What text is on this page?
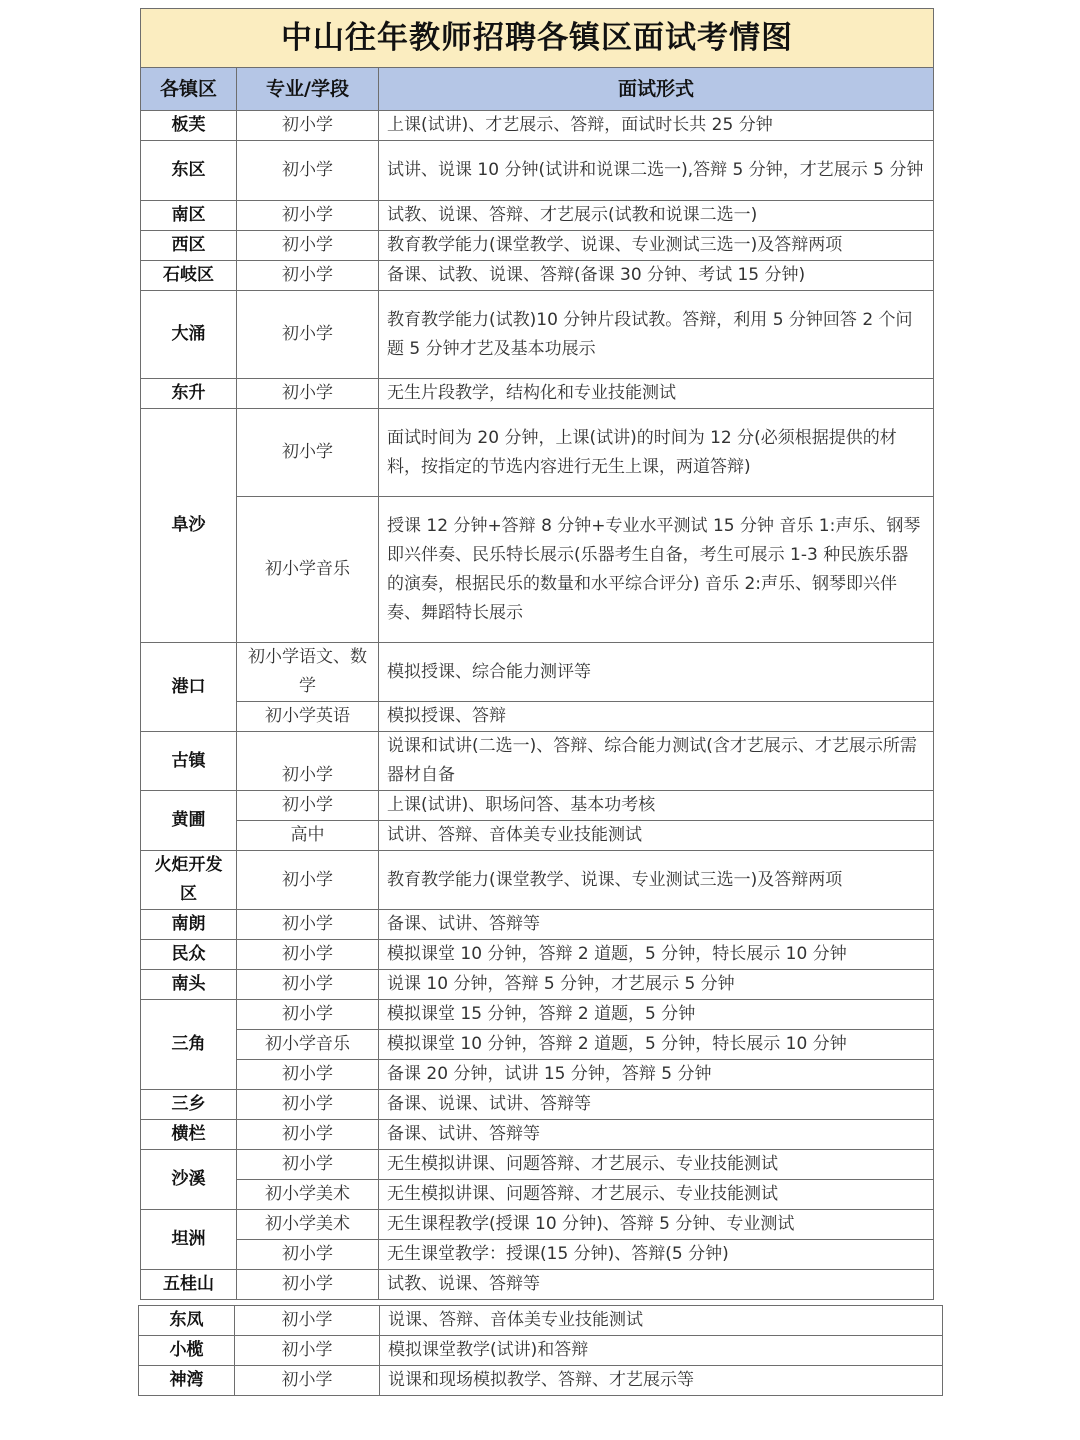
中山往年教师招聘各镇区面试考情图		
各镇区	专业/学段	面试形式
板芙	初小学	上课(试讲)、才艺展示、答辩，面试时长共 25 分钟
东区	初小学	试讲、说课 10 分钟(试讲和说课二选一),答辩 5 分钟，才艺展示 5 分钟
南区	初小学	试教、说课、答辩、才艺展示(试教和说课二选一)
西区	初小学	教育教学能力(课堂教学、说课、专业测试三选一)及答辩两项
石岐区	初小学	备课、试教、说课、答辩(备课 30 分钟、考试 15 分钟)
大涌	初小学	教育教学能力(试教)10 分钟片段试教。答辩，利用 5 分钟回答 2 个问题 5 分钟才艺及基本功展示
东升	初小学	无生片段教学，结构化和专业技能测试
阜沙	初小学	面试时间为 20 分钟，上课(试讲)的时间为 12 分(必须根据提供的材料，按指定的节选内容进行无生上课，两道答辩)
	初小学音乐	授课 12 分钟+答辩 8 分钟+专业水平测试 15 分钟 音乐 1:声乐、钢琴即兴伴奏、民乐特长展示(乐器考生自备，考生可展示 1-3 种民族乐器的演奏，根据民乐的数量和水平综合评分) 音乐 2:声乐、钢琴即兴伴奏、舞蹈特长展示
港口	初小学语文、数学	模拟授课、综合能力测评等
	初小学英语	模拟授课、答辩
古镇	初小学	说课和试讲(二选一)、答辩、综合能力测试(含才艺展示、才艺展示所需器材自备
黄圃	初小学	上课(试讲)、职场问答、基本功考核
	高中	试讲、答辩、音体美专业技能测试
火炬开发区	初小学	教育教学能力(课堂教学、说课、专业测试三选一)及答辩两项
南朗	初小学	备课、试讲、答辩等
民众	初小学	模拟课堂 10 分钟，答辩 2 道题，5 分钟，特长展示 10 分钟
南头	初小学	说课 10 分钟，答辩 5 分钟，才艺展示 5 分钟
三角	初小学	模拟课堂 15 分钟，答辩 2 道题，5 分钟
	初小学音乐	模拟课堂 10 分钟，答辩 2 道题，5 分钟，特长展示 10 分钟
	初小学	备课 20 分钟，试讲 15 分钟，答辩 5 分钟
三乡	初小学	备课、说课、试讲、答辩等
横栏	初小学	备课、试讲、答辩等
沙溪	初小学	无生模拟讲课、问题答辩、才艺展示、专业技能测试
	初小学美术	无生模拟讲课、问题答辩、才艺展示、专业技能测试
坦洲	初小学美术	无生课程教学(授课 10 分钟)、答辩 5 分钟、专业测试
	初小学	无生课堂教学：授课(15 分钟)、答辩(5 分钟)
五桂山	初小学	试教、说课、答辩等
东凤	初小学	说课、答辩、音体美专业技能测试
小榄	初小学	模拟课堂教学(试讲)和答辩
神湾	初小学	说课和现场模拟教学、答辩、才艺展示等
